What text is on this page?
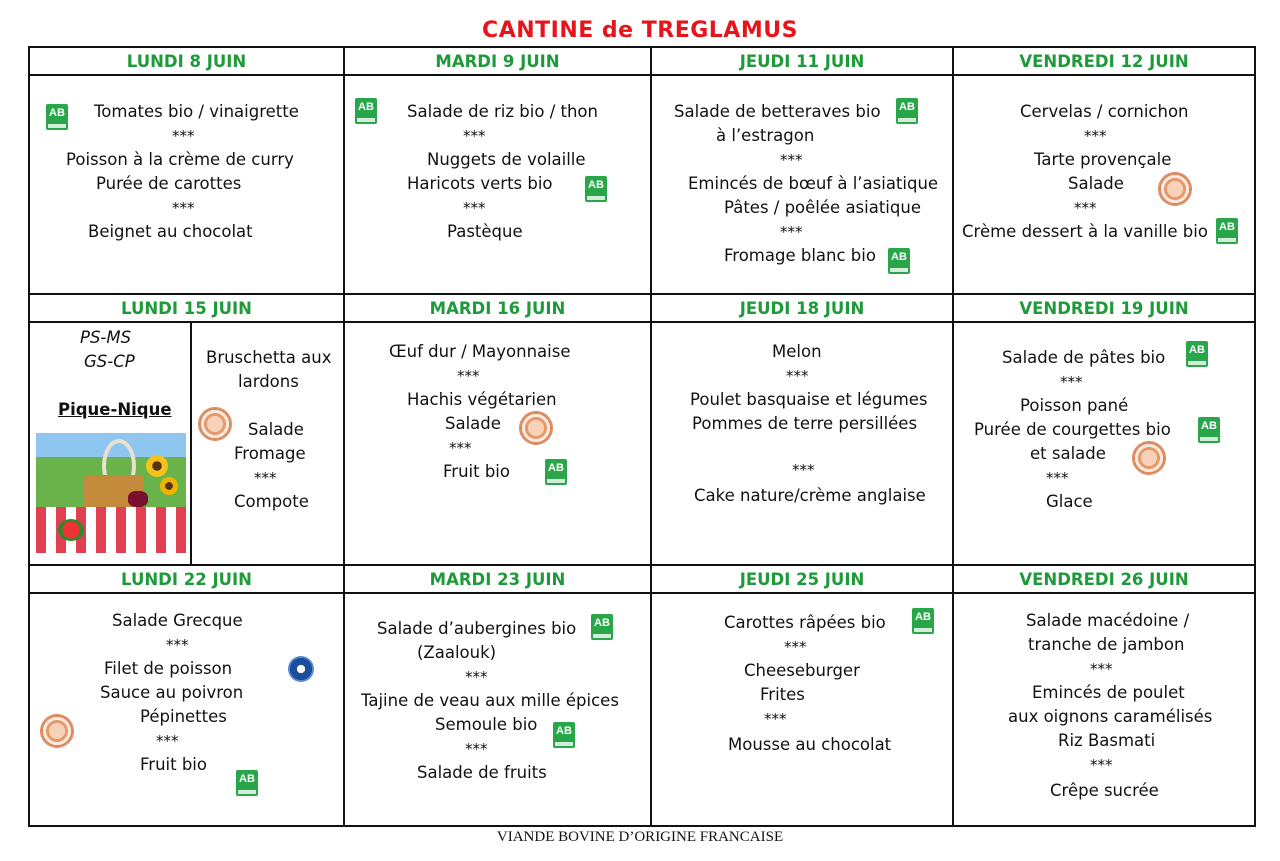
CANTINE de TREGLAMUS
LUNDI 8 JUIN
AB Tomates bio / vinaigrette
***
Poisson à la crème de curry
Purée de carottes
***
Beignet au chocolat
MARDI 9 JUIN
AB Salade de riz bio / thon
***
Nuggets de volaille
Haricots verts bio	AB
***
Pastèque
JEUDI 11 JUIN
Salade de betteraves bio AB
à l’estragon
***
Emincés de bœuf à l’asiatique
Pâtes / poêlée asiatique
***
Fromage blanc bio AB
VENDREDI 12 JUIN
Cervelas / cornichon
***
Tarte provençale
Salade
***
Crème dessert à la vanille bio AB
LUNDI 15 JUIN
PS-MS
GS-CP
Pique-Nique
Bruschetta aux
lardons
Salade
Fromage
***
Compote
MARDI 16 JUIN
Œuf dur / Mayonnaise
***
Hachis végétarien
Salade
***
Fruit bio	AB
JEUDI 18 JUIN
Melon
***
Poulet basquaise et légumes
Pommes de terre persillées
***
Cake nature/crème anglaise
VENDREDI 19 JUIN
Salade de pâtes bio AB
***
Poisson pané
Purée de courgettes bio	AB
et salade
***
Glace
LUNDI 22 JUIN
Salade Grecque
***
Filet de poisson
Sauce au poivron
Pépinettes
***
Fruit bio
AB
MARDI 23 JUIN
Salade d’aubergines bio AB
(Zaalouk)
***
Tajine de veau aux mille épices
Semoule bio AB
***
Salade de fruits
JEUDI 25 JUIN
Carottes râpées bio	AB
***
Cheeseburger
Frites
***
Mousse au chocolat
VENDREDI 26 JUIN
Salade macédoine /
tranche de jambon
***
Emincés de poulet
aux oignons caramélisés
Riz Basmati
***
Crêpe sucrée
VIANDE BOVINE D’ORIGINE FRANCAISE
